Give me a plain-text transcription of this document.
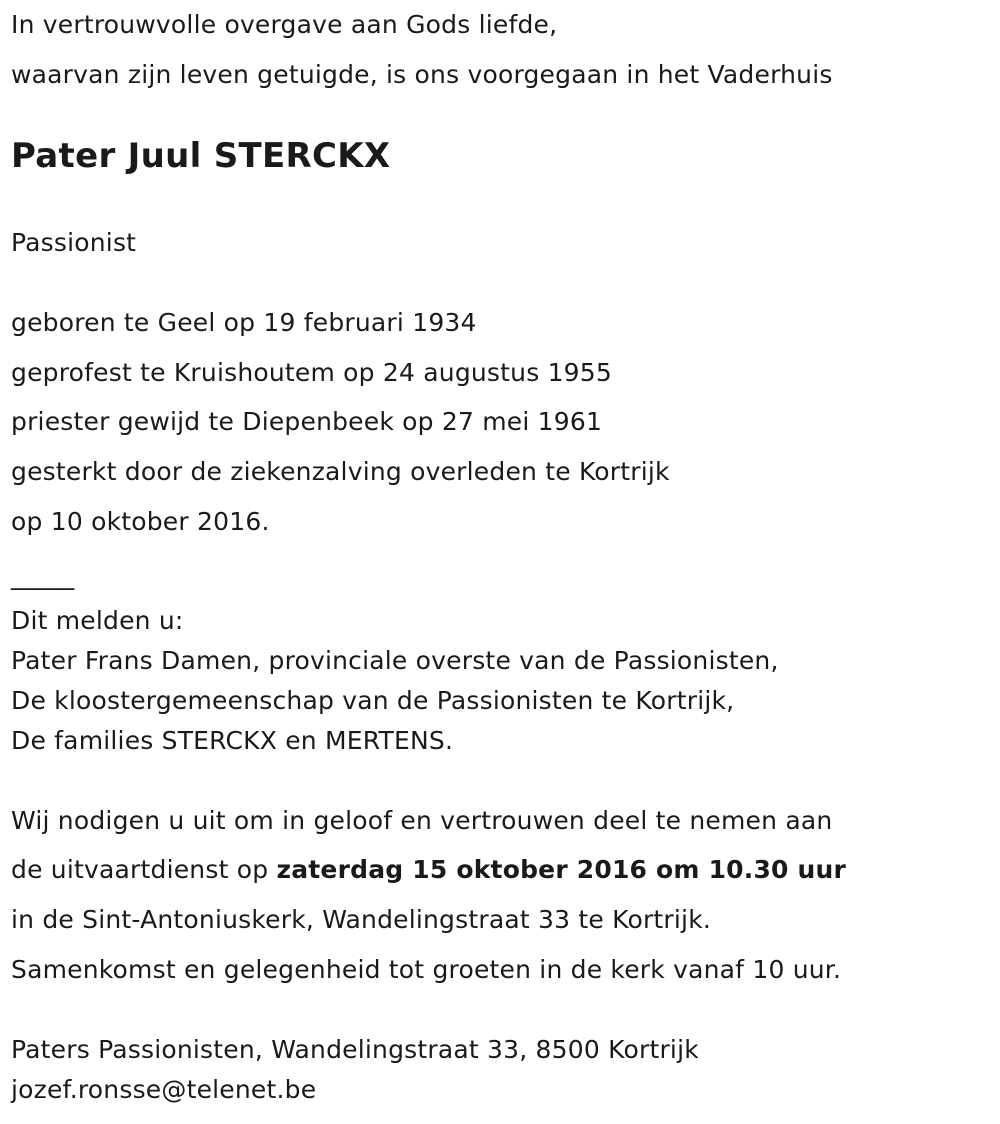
In vertrouwvolle overgave aan Gods liefde,
waarvan zijn leven getuigde, is ons voorgegaan in het Vaderhuis
Pater Juul STERCKX
Passionist
geboren te Geel op 19 februari 1934
geprofest te Kruishoutem op 24 augustus 1955
priester gewijd te Diepenbeek op 27 mei 1961
gesterkt door de ziekenzalving overleden te Kortrijk
op 10 oktober 2016.
_____
Dit melden u:
Pater Frans Damen, provinciale overste van de Passionisten,
De kloostergemeenschap van de Passionisten te Kortrijk,
De families STERCKX en MERTENS.
Wij nodigen u uit om in geloof en vertrouwen deel te nemen aan
de uitvaartdienst op zaterdag 15 oktober 2016 om 10.30 uur
in de Sint-Antoniuskerk, Wandelingstraat 33 te Kortrijk.
Samenkomst en gelegenheid tot groeten in de kerk vanaf 10 uur.
Paters Passionisten, Wandelingstraat 33, 8500 Kortrijk
jozef.ronsse@telenet.be
